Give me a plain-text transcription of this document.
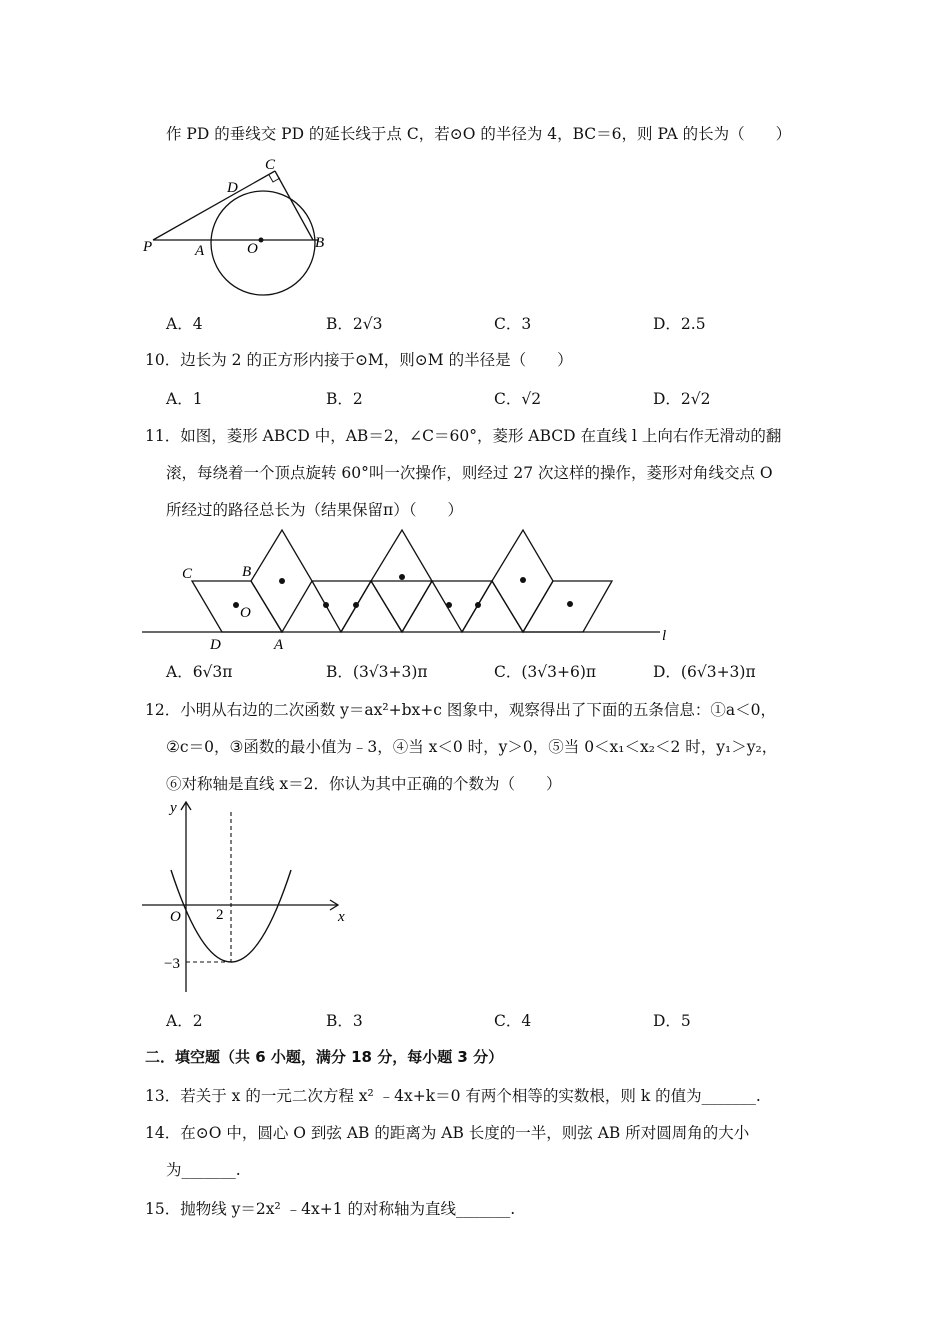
作 PD 的垂线交 PD 的延长线于点 C，若⊙O 的半径为 4，BC＝6，则 PA 的长为（　　）
C
D
P	A	O	B
A．4	B．2√3	C．3	D．2.5
10．边长为 2 的正方形内接于⊙M，则⊙M 的半径是（　　）
A．1	B．2	C．√2	D．2√2
11．如图，菱形 ABCD 中，AB＝2，∠C＝60°，菱形 ABCD 在直线 l 上向右作无滑动的翻
滚，每绕着一个顶点旋转 60°叫一次操作，则经过 27 次这样的操作，菱形对角线交点 O
所经过的路径总长为（结果保留π）（　　）
C	B
O
D	A
l
A．6√3π	B．(3√3+3)π	C．(3√3+6)π	D．(6√3+3)π
12．小明从右边的二次函数 y＝ax²+bx+c 图象中，观察得出了下面的五条信息：①a＜0，
②c＝0，③函数的最小值为﹣3，④当 x＜0 时，y＞0，⑤当 0＜x₁＜x₂＜2 时，y₁＞y₂，
⑥对称轴是直线 x＝2．你认为其中正确的个数为（　　）
y
x
O 2
−3
A．2	B．3	C．4	D．5
二．填空题（共 6 小题，满分 18 分，每小题 3 分）
13．若关于 x 的一元二次方程 x² ﹣4x+k＝0 有两个相等的实数根，则 k 的值为_______.
14．在⊙O 中，圆心 O 到弦 AB 的距离为 AB 长度的一半，则弦 AB 所对圆周角的大小
为_______.
15．抛物线 y＝2x² ﹣4x+1 的对称轴为直线_______.
